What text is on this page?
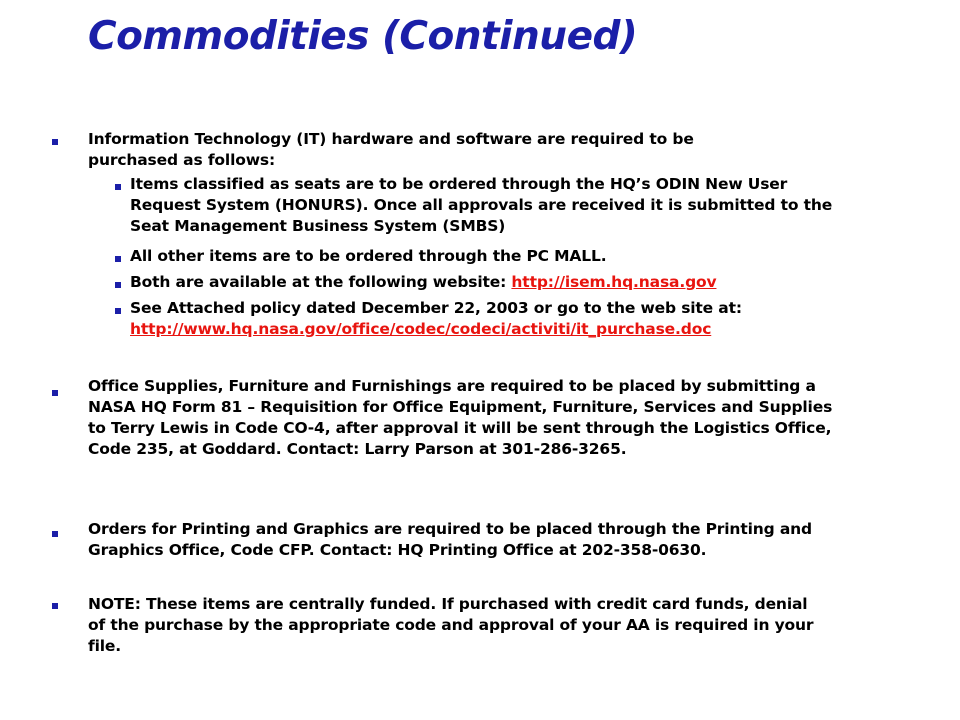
Commodities (Continued)

Information Technology (IT) hardware and software are required to be purchased as follows:

Items classified as seats are to be ordered through the HQ’s ODIN New User Request System (HONURS). Once all approvals are received it is submitted to the Seat Management Business System (SMBS)

All other items are to be ordered through the PC MALL.

Both are available at the following website: http://isem.hq.nasa.gov

See Attached policy dated December 22, 2003 or go to the web site at: http://www.hq.nasa.gov/office/codec/codeci/activiti/it_purchase.doc

Office Supplies, Furniture and Furnishings are required to be placed by submitting a NASA HQ Form 81 – Requisition for Office Equipment, Furniture, Services and Supplies to Terry Lewis in Code CO-4, after approval it will be sent through the Logistics Office, Code 235, at Goddard. Contact: Larry Parson at 301-286-3265.

Orders for Printing and Graphics are required to be placed through the Printing and Graphics Office, Code CFP. Contact: HQ Printing Office at 202-358-0630.

NOTE: These items are centrally funded. If purchased with credit card funds, denial of the purchase by the appropriate code and approval of your AA is required in your file.
